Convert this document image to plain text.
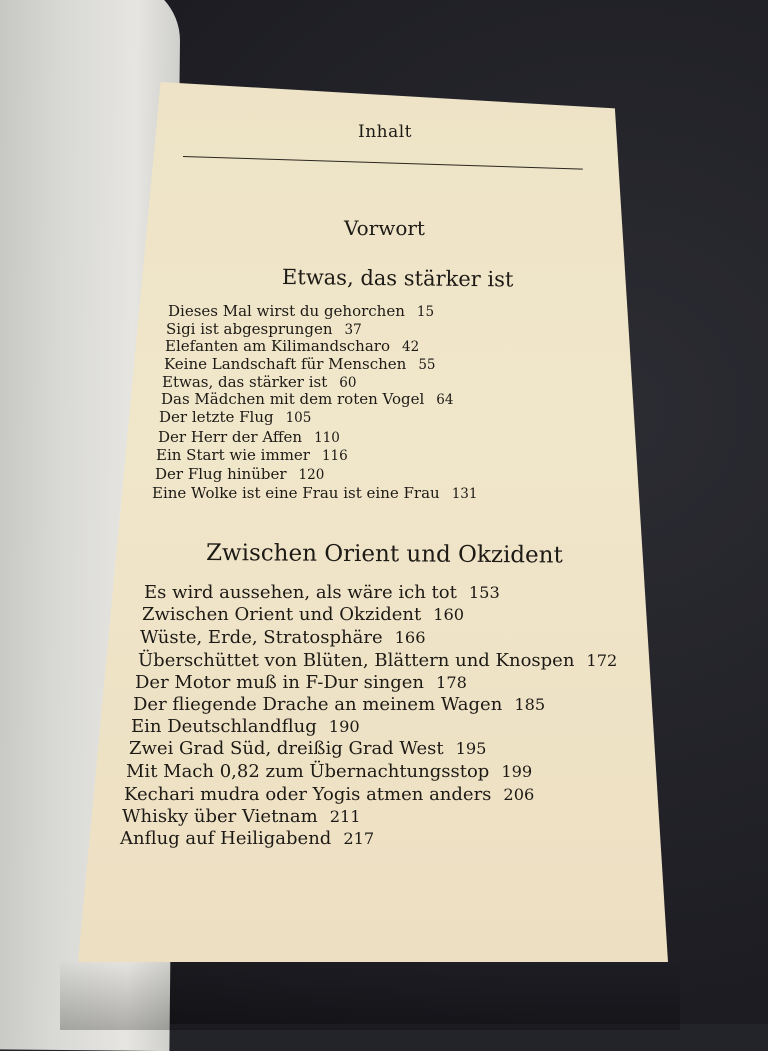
Inhalt
Vorwort
Etwas, das stärker ist
Dieses Mal wirst du gehorchen 15
Sigi ist abgesprungen 37
Elefanten am Kilimandscharo 42
Keine Landschaft für Menschen 55
Etwas, das stärker ist 60
Das Mädchen mit dem roten Vogel 64
Der letzte Flug 105
Der Herr der Affen 110
Ein Start wie immer 116
Der Flug hinüber 120
Eine Wolke ist eine Frau ist eine Frau 131
Zwischen Orient und Okzident
Es wird aussehen, als wäre ich tot 153
Zwischen Orient und Okzident 160
Wüste, Erde, Stratosphäre 166
Überschüttet von Blüten, Blättern und Knospen 172
Der Motor muß in F-Dur singen 178
Der fliegende Drache an meinem Wagen 185
Ein Deutschlandflug 190
Zwei Grad Süd, dreißig Grad West 195
Mit Mach 0,82 zum Übernachtungsstop 199
Kechari mudra oder Yogis atmen anders 206
Whisky über Vietnam 211
Anflug auf Heiligabend 217
